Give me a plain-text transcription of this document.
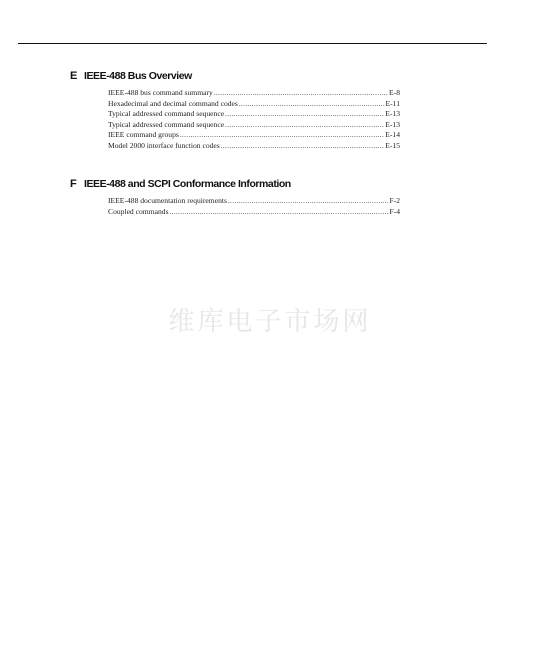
E IEEE-488 Bus Overview
IEEE-488 bus command summary .....	E-8
Hexadecimal and decimal command codes .....	E-11
Typical addressed command sequence .....	E-13
Typical addressed command sequence .....	E-13
IEEE command groups .....	E-14
Model 2000 interface function codes .....	E-15
F IEEE-488 and SCPI Conformance Information
IEEE-488 documentation requirements .....	F-2
Coupled commands .....	F-4
维库电子市场网
